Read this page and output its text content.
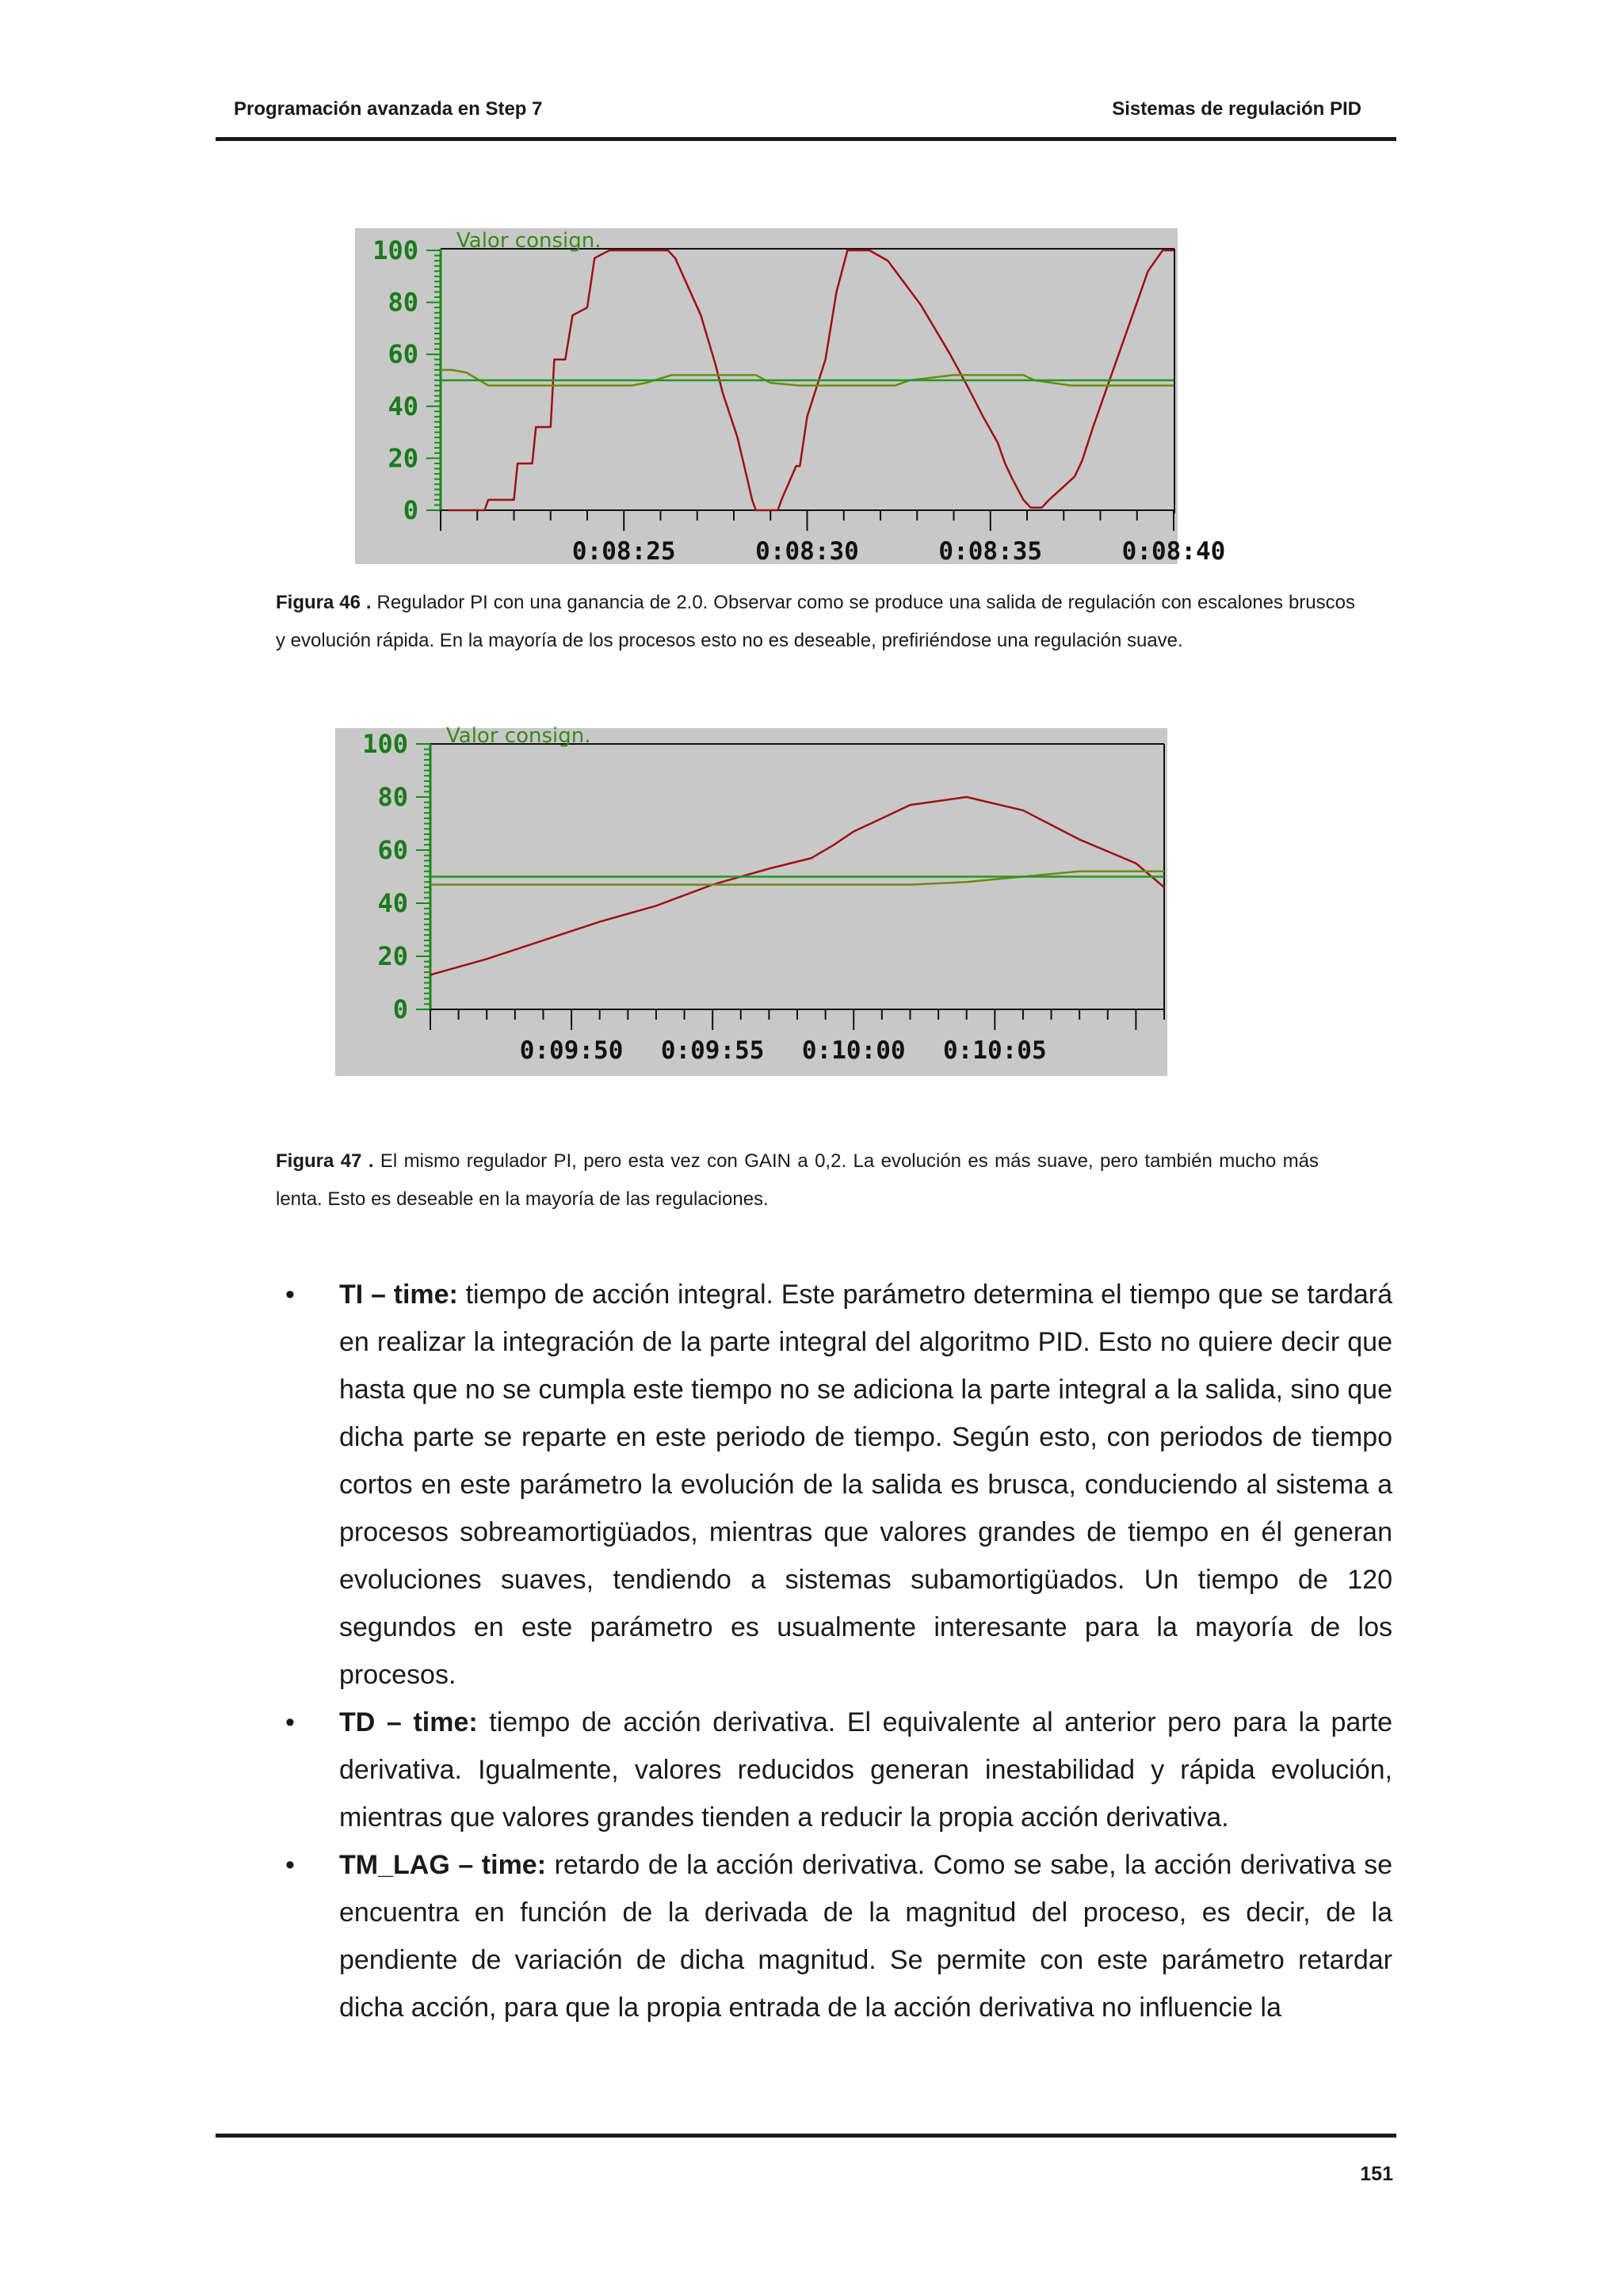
Programación avanzada en Step 7	Sistemas de regulación PID
100
80
60
40
20
0
0:08:25	0:08:30	0:08:35	0:08:40
Valor consign.
Figura 46 . Regulador PI con una ganancia de 2.0. Observar como se produce una salida de regulación con escalones bruscos y evolución rápida. En la mayoría de los procesos esto no es deseable, prefiriéndose una regulación suave.
100
80
60
40
20
0
0:09:50 0:09:55 0:10:00 0:10:05
Valor consign.
Figura 47 . El mismo regulador PI, pero esta vez con GAIN a 0,2. La evolución es más suave, pero también mucho más lenta. Esto es deseable en la mayoría de las regulaciones.
• TI – time: tiempo de acción integral. Este parámetro determina el tiempo que se tardará en realizar la integración de la parte integral del algoritmo PID. Esto no quiere decir que hasta que no se cumpla este tiempo no se adiciona la parte integral a la salida, sino que dicha parte se reparte en este periodo de tiempo. Según esto, con periodos de tiempo cortos en este parámetro la evolución de la salida es brusca, conduciendo al sistema a procesos sobreamortigüados, mientras que valores grandes de tiempo en él generan evoluciones suaves, tendiendo a sistemas subamortigüados. Un tiempo de 120 segundos en este parámetro es usualmente interesante para la mayoría de los procesos.
• TD – time: tiempo de acción derivativa. El equivalente al anterior pero para la parte derivativa. Igualmente, valores reducidos generan inestabilidad y rápida evolución, mientras que valores grandes tienden a reducir la propia acción derivativa.
• TM_LAG – time: retardo de la acción derivativa. Como se sabe, la acción derivativa se encuentra en función de la derivada de la magnitud del proceso, es decir, de la pendiente de variación de dicha magnitud. Se permite con este parámetro retardar dicha acción, para que la propia entrada de la acción derivativa no influencie la
151
